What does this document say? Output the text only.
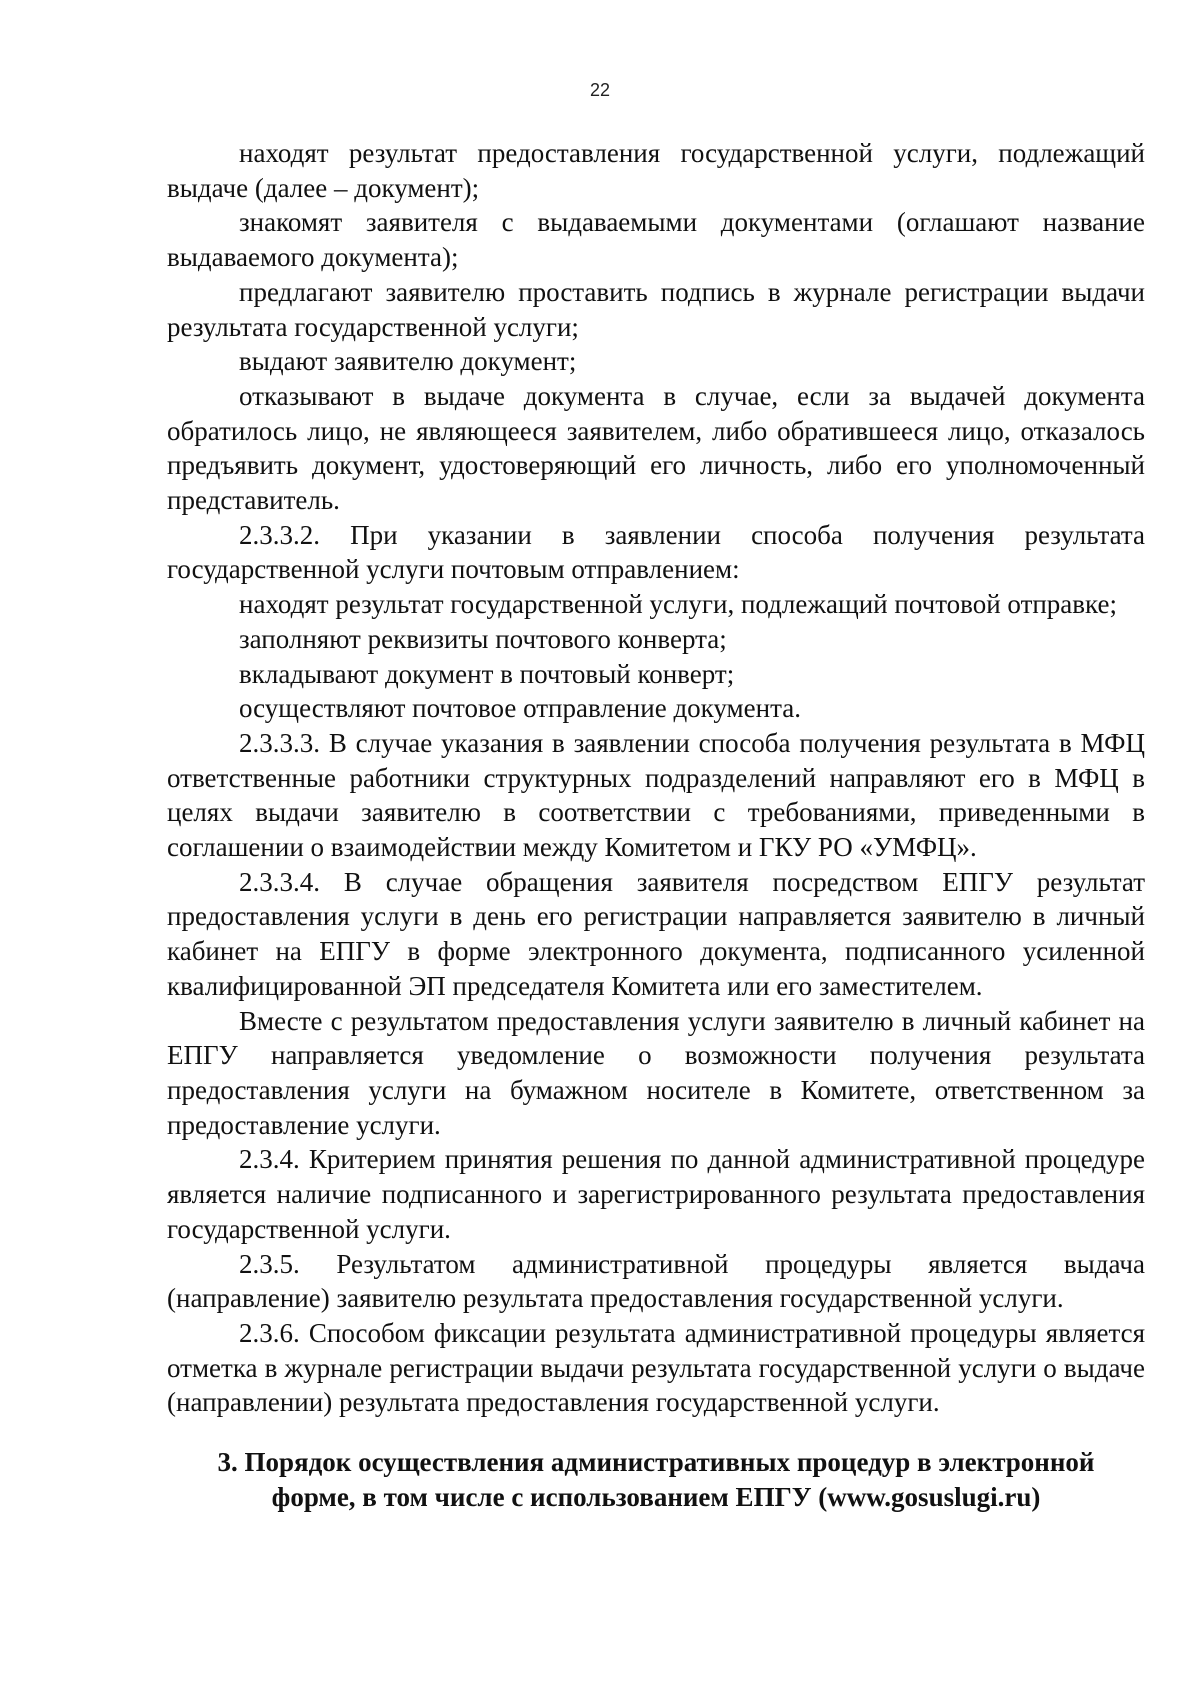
22

находят результат предоставления государственной услуги, подлежащий выдаче (далее – документ);

знакомят заявителя с выдаваемыми документами (оглашают название выдаваемого документа);

предлагают заявителю проставить подпись в журнале регистрации выдачи результата государственной услуги;

выдают заявителю документ;

отказывают в выдаче документа в случае, если за выдачей документа обратилось лицо, не являющееся заявителем, либо обратившееся лицо, отказалось предъявить документ, удостоверяющий его личность, либо его уполномоченный представитель.

2.3.3.2. При указании в заявлении способа получения результата государственной услуги почтовым отправлением:

находят результат государственной услуги, подлежащий почтовой отправке;

заполняют реквизиты почтового конверта;

вкладывают документ в почтовый конверт;

осуществляют почтовое отправление документа.

2.3.3.3. В случае указания в заявлении способа получения результата в МФЦ ответственные работники структурных подразделений направляют его в МФЦ в целях выдачи заявителю в соответствии с требованиями, приведенными в соглашении о взаимодействии между Комитетом и ГКУ РО «УМФЦ».

2.3.3.4. В случае обращения заявителя посредством ЕПГУ результат предоставления услуги в день его регистрации направляется заявителю в личный кабинет на ЕПГУ в форме электронного документа, подписанного усиленной квалифицированной ЭП председателя Комитета или его заместителем.

Вместе с результатом предоставления услуги заявителю в личный кабинет на ЕПГУ направляется уведомление о возможности получения результата предоставления услуги на бумажном носителе в Комитете, ответственном за предоставление услуги.

2.3.4. Критерием принятия решения по данной административной процедуре является наличие подписанного и зарегистрированного результата предоставления государственной услуги.

2.3.5. Результатом административной процедуры является выдача (направление) заявителю результата предоставления государственной услуги.

2.3.6. Способом фиксации результата административной процедуры является отметка в журнале регистрации выдачи результата государственной услуги о выдаче (направлении) результата предоставления государственной услуги.

3. Порядок осуществления административных процедур в электронной
форме, в том числе с использованием ЕПГУ (www.gosuslugi.ru)
